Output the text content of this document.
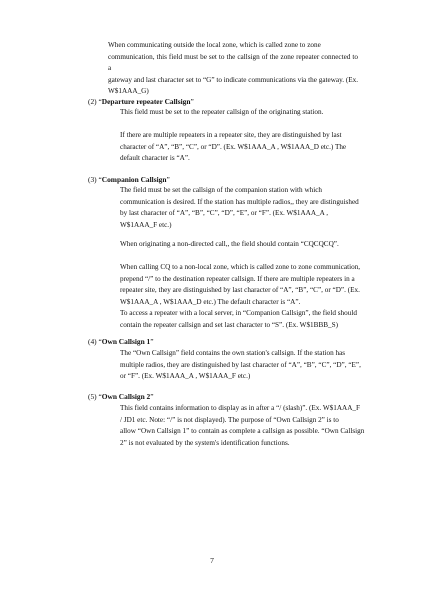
When communicating outside the local zone, which is called zone to zone
communication, this field must be set to the callsign of the zone repeater connected to a
gateway and last character set to “G” to indicate communications via the gateway. (Ex.
W$1AAA_G)
(2) “Departure repeater Callsign”
This field must be set to the repeater callsign of the originating station.
If there are multiple repeaters in a repeater site, they are distinguished by last
character of “A”, “B”, “C”, or “D”. (Ex. W$1AAA_A , W$1AAA_D etc.) The
default character is “A”.
(3) “Companion Callsign”
The field must be set the callsign of the companion station with which
communication is desired. If the station has multiple radios,, they are distinguished
by last character of “A”, “B”, “C”, “D”, “E”, or “F”. (Ex. W$1AAA_A ,
W$1AAA_F etc.)
When originating a non-directed call,, the field should contain “CQCQCQ”.
When calling CQ to a non-local zone, which is called zone to zone communication,
prepend “/” to the destination repeater callsign. If there are multiple repeaters in a
repeater site, they are distinguished by last character of “A”, “B”, “C”, or “D”. (Ex.
W$1AAA_A , W$1AAA_D etc.) The default character is “A”.
To access a repeater with a local server, in “Companion Callsign”, the field should
contain the repeater callsign and set last character to “S”. (Ex. W$1BBB_S)
(4) “Own Callsign 1”
The “Own Callsign” field contains the own station's callsign. If the station has
multiple radios, they are distinguished by last character of “A”, “B”, “C”, “D”, “E”,
or “F”. (Ex. W$1AAA_A , W$1AAA_F etc.)
(5) “Own Callsign 2”
This field contains information to display as in after a “/ (slash)”. (Ex. W$1AAA_F
/ JD1 etc. Note: “/” is not displayed). The purpose of “Own Callsign 2” is to
allow “Own Callsign 1” to contain as complete a callsign as possible. “Own Callsign
2” is not evaluated by the system's identification functions.
7
